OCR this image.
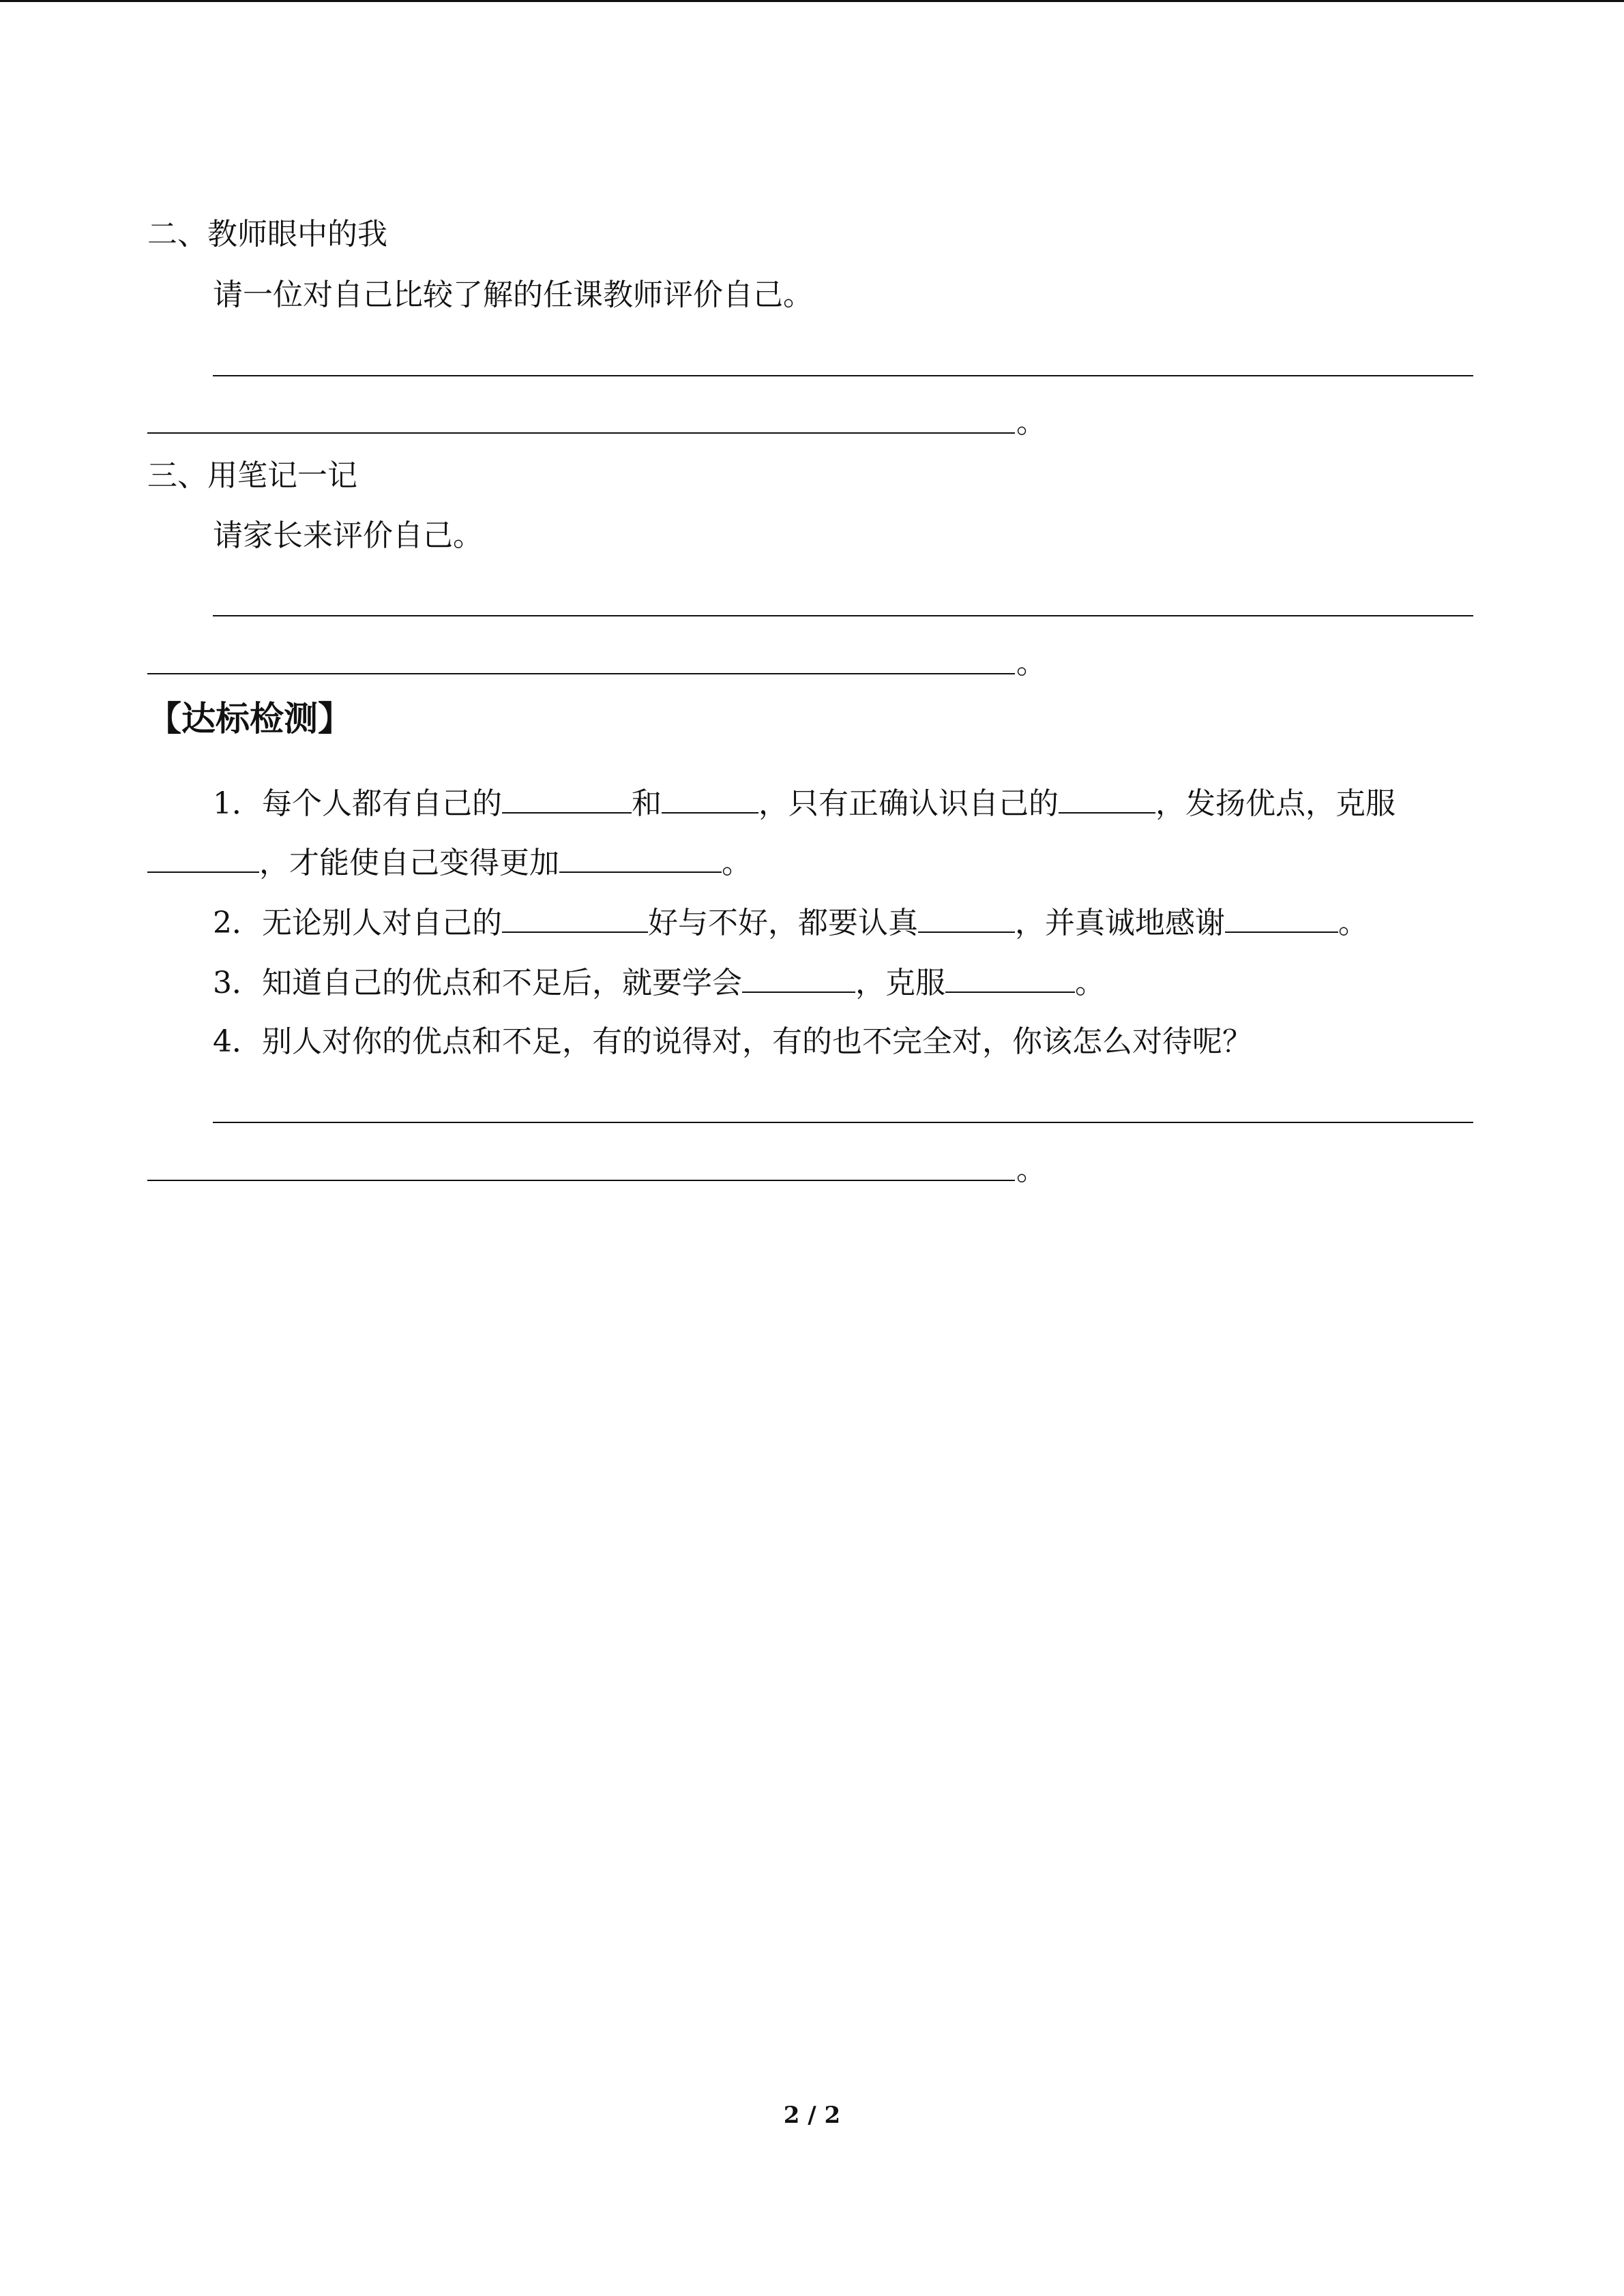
二、教师眼中的我
请一位对自己比较了解的任课教师评价自己。
。
三、用笔记一记
请家长来评价自己。
。
【达标检测】
1．每个人都有自己的	和	，只有正确认识自己的	，发扬优点，克服
，才能使自己变得更加	。
2．无论别人对自己的	好与不好，都要认真	，并真诚地感谢	。
3．知道自己的优点和不足后，就要学会	，克服	。
4．别人对你的优点和不足，有的说得对，有的也不完全对，你该怎么对待呢？
。
2 / 2
